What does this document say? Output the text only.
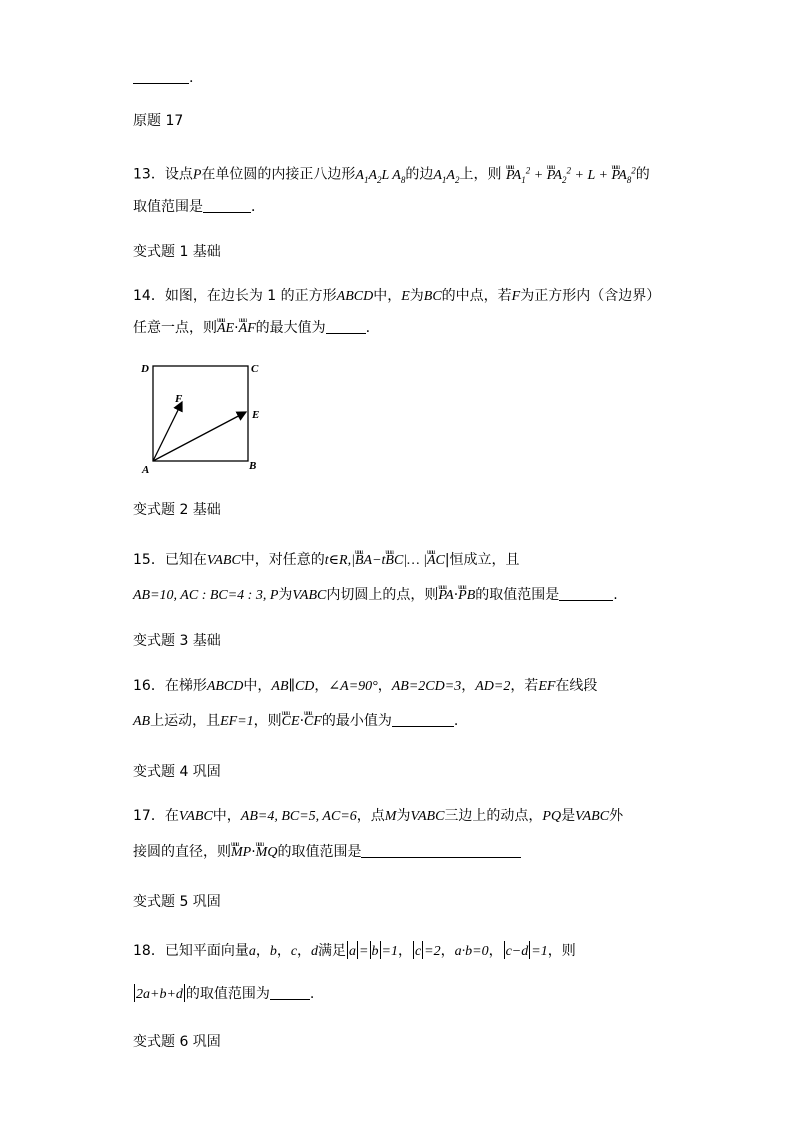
.
原题 17
13．设点P在单位圆的内接正八边形$A_1A_2L$ $A_8$的边$A_1A_2$上，则 uuu $PA_1^2$ + uuu $PA_2^2 + L$ + uuu $PA_8^2$的
取值范围是	．
变式题 1 基础
14．如图，在边长为 1 的正方形ABCD中，E为BC的中点，若F为正方形内（含边界）
任意一点，则uuu AE·uuu AF的最大值为	.
D	C
F
E
A	B
变式题 2 基础
15．已知在VABC中，对任意的t∈R,|uuu BA−tuuu BC|… |uuu AC|恒成立，且
AB=10, AC : BC=4 : 3, P为VABC内切圆上的点，则uuu PA·uuu PB的取值范围是	.
变式题 3 基础
16．在梯形ABCD中，AB∥CD，∠A=90°，AB=2CD=3，AD=2，若EF在线段
AB上运动，且EF=1，则uuu CE·uuu CF的最小值为	.
变式题 4 巩固
17．在VABC中，AB=4, BC=5, AC=6，点M为VABC三边上的动点，PQ是VABC外
接圆的直径，则uuu MP·uuu MQ的取值范围是
变式题 5 巩固
18．已知平面向量a，b，c，d满足 a = b =1， c =2，a·b=0， c−d =1，则
2a+b+d 的取值范围为	.
变式题 6 巩固
